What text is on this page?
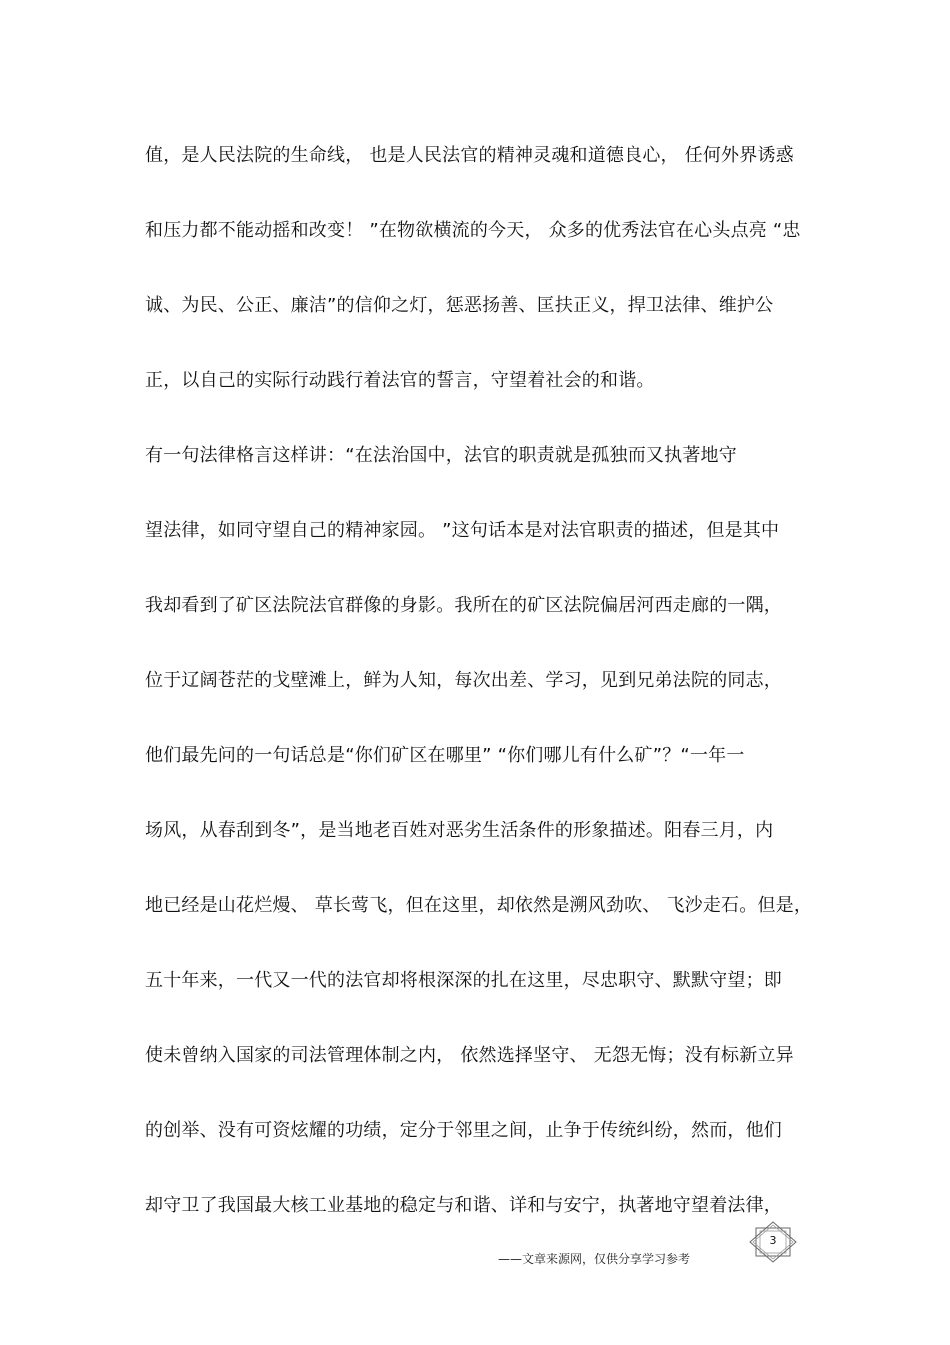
值，是人民法院的生命线， 也是人民法官的精神灵魂和道德良心， 任何外界诱惑
和压力都不能动摇和改变！ ”在物欲横流的今天， 众多的优秀法官在心头点亮 “忠
诚、为民、公正、廉洁”的信仰之灯，惩恶扬善、匡扶正义，捍卫法律、维护公
正，以自己的实际行动践行着法官的誓言，守望着社会的和谐。
有一句法律格言这样讲：“在法治国中，法官的职责就是孤独而又执著地守
望法律，如同守望自己的精神家园。 ”这句话本是对法官职责的描述，但是其中
我却看到了矿区法院法官群像的身影。我所在的矿区法院偏居河西走廊的一隅，
位于辽阔苍茫的戈壁滩上，鲜为人知，每次出差、学习，见到兄弟法院的同志，
他们最先问的一句话总是“你们矿区在哪里” “你们哪儿有什么矿”？“一年一
场风，从春刮到冬”，是当地老百姓对恶劣生活条件的形象描述。阳春三月，内
地已经是山花烂熳、 草长莺飞，但在这里，却依然是溯风劲吹、 飞沙走石。但是，
五十年来，一代又一代的法官却将根深深的扎在这里，尽忠职守、默默守望；即
使未曾纳入国家的司法管理体制之内， 依然选择坚守、 无怨无悔；没有标新立异
的创举、没有可资炫耀的功绩，定分于邻里之间，止争于传统纠纷，然而，他们
却守卫了我国最大核工业基地的稳定与和谐、详和与安宁，执著地守望着法律，
3
——文章来源网，仅供分享学习参考
